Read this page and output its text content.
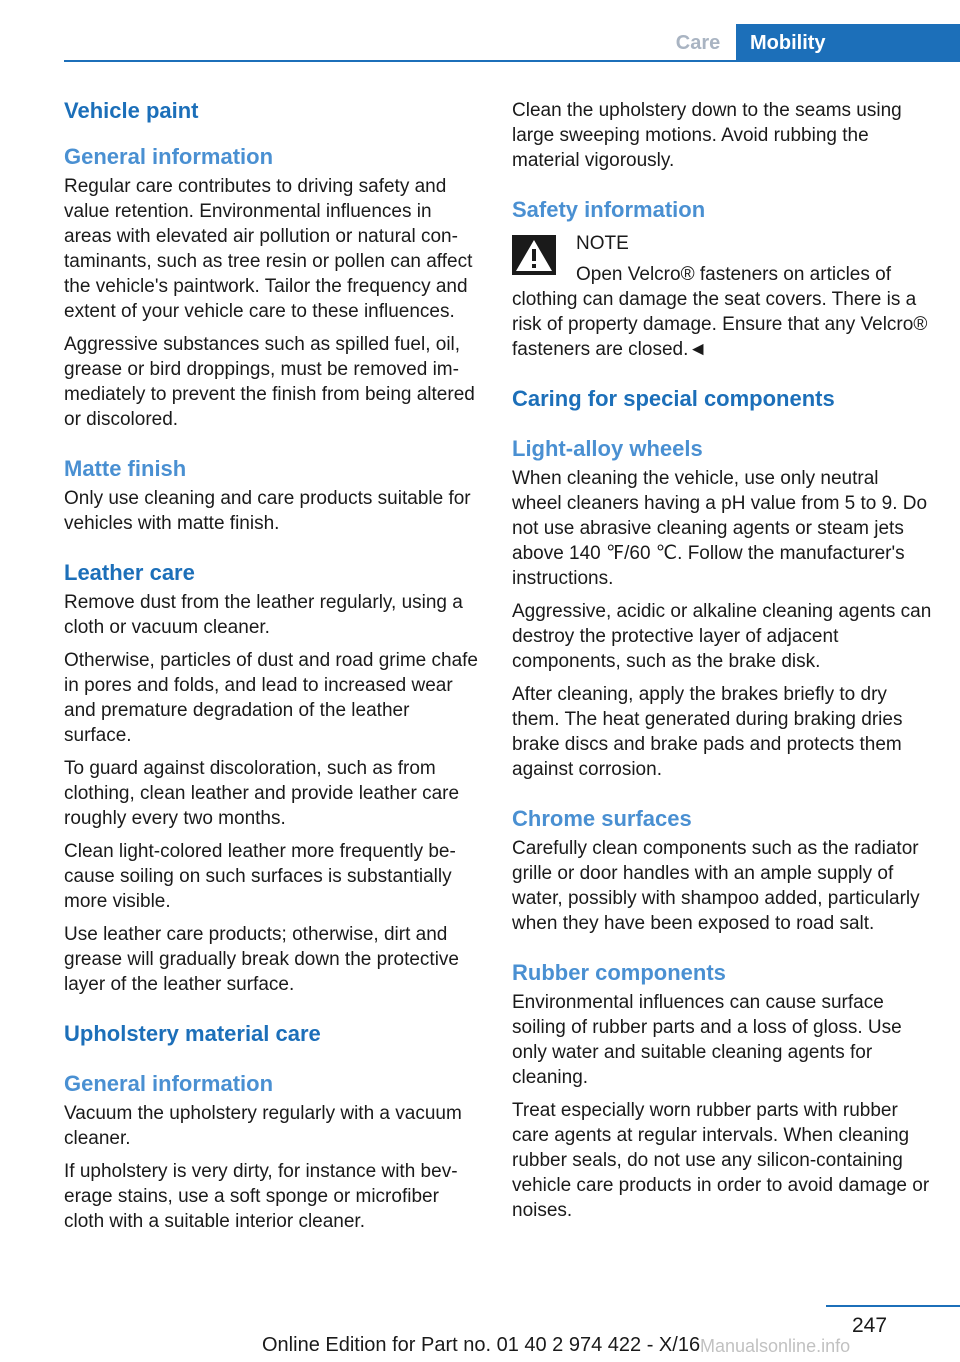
Care	Mobility
Vehicle paint
General information

Regular care contributes to driving safety and value retention. Environmental influences in areas with elevated air pollution or natural contaminants, such as tree resin or pollen can affect the vehicle's paintwork. Tailor the frequency and extent of your vehicle care to these influences.

Aggressive substances such as spilled fuel, oil, grease or bird droppings, must be removed immediately to prevent the finish from being altered or discolored.

Matte finish

Only use cleaning and care products suitable for vehicles with matte finish.

Leather care

Remove dust from the leather regularly, using a cloth or vacuum cleaner.

Otherwise, particles of dust and road grime chafe in pores and folds, and lead to increased wear and premature degradation of the leather surface.

To guard against discoloration, such as from clothing, clean leather and provide leather care roughly every two months.

Clean light-colored leather more frequently because soiling on such surfaces is substantially more visible.

Use leather care products; otherwise, dirt and grease will gradually break down the protective layer of the leather surface.

Upholstery material care
General information

Vacuum the upholstery regularly with a vacuum cleaner.

If upholstery is very dirty, for instance with beverage stains, use a soft sponge or microfiber cloth with a suitable interior cleaner.

Clean the upholstery down to the seams using large sweeping motions. Avoid rubbing the material vigorously.

Safety information

NOTE

Open Velcro® fasteners on articles of clothing can damage the seat covers. There is a risk of property damage. Ensure that any Velcro® fasteners are closed.◄

Caring for special components
Light-alloy wheels

When cleaning the vehicle, use only neutral wheel cleaners having a pH value from 5 to 9. Do not use abrasive cleaning agents or steam jets above 140 ℉/60 ℃. Follow the manufacturer's instructions.

Aggressive, acidic or alkaline cleaning agents can destroy the protective layer of adjacent components, such as the brake disk.

After cleaning, apply the brakes briefly to dry them. The heat generated during braking dries brake discs and brake pads and protects them against corrosion.

Chrome surfaces

Carefully clean components such as the radiator grille or door handles with an ample supply of water, possibly with shampoo added, particularly when they have been exposed to road salt.

Rubber components

Environmental influences can cause surface soiling of rubber parts and a loss of gloss. Use only water and suitable cleaning agents for cleaning.

Treat especially worn rubber parts with rubber care agents at regular intervals. When cleaning rubber seals, do not use any silicon-containing vehicle care products in order to avoid damage or noises.

247
Online Edition for Part no. 01 40 2 974 422 - X/16 Manualsonline.info
